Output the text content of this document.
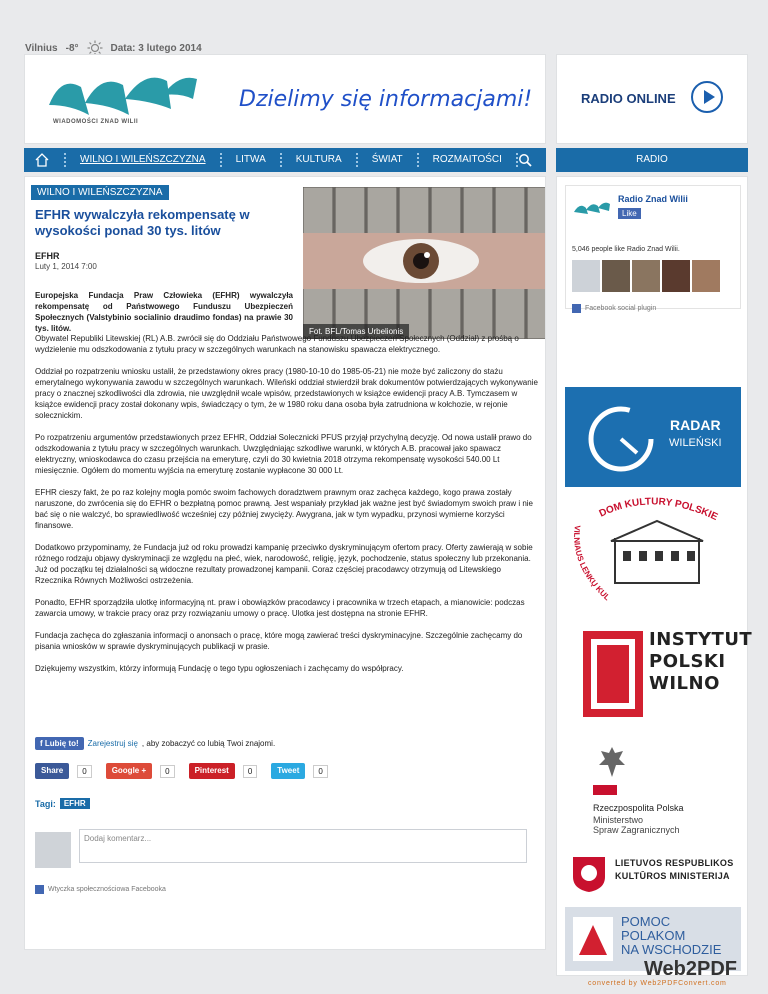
Vilnius -8°	Data: 3 lutego 2014
WIADOMOŚCI ZNAD WILII
Dzielimy się informacjami!	RADIO ONLINE
WILNO I WILEŃSZCZYZNA	LITWA	KULTURA	ŚWIAT	ROZMAITOŚCI	RADIO
WILNO I WILEŃSZCZYZNA
EFHR wywalczyła rekompensatę w wysokości ponad 30 tys. litów
EFHR
Luty 1, 2014 7:00
Europejska Fundacja Praw Człowieka (EFHR) wywalczyła rekompensatę od Państwowego Funduszu Ubezpieczeń Społecznych (Valstybinio socialinio draudimo fondas) na prawie 30 tys. litów.	Fot. BFL/Tomas Urbelionis

Obywatel Republiki Litewskiej (RL) A.B. zwrócił się do Oddziału Państwowego Funduszu Ubezpieczeń Społecznych (Oddział) z prośbą o wydzielenie mu odszkodowania z tytułu pracy w szczególnych warunkach na stanowisku spawacza elektrycznego.

Oddział po rozpatrzeniu wniosku ustalił, że przedstawiony okres pracy (1980-10-10 do 1985-05-21) nie może być zaliczony do stażu emerytalnego wykonywania zawodu w szczególnych warunkach. Wileński oddział stwierdził brak dokumentów potwierdzających wykonywanie pracy o znacznej szkodliwości dla zdrowia, nie uwzględnił wcale wpisów, przedstawionych w książce ewidencji pracy A.B. Tymczasem w książce ewidencji pracy został dokonany wpis, świadczący o tym, że w 1980 roku dana osoba była zatrudniona w kołchozie, w rejonie solecznickim.

Po rozpatrzeniu argumentów przedstawionych przez EFHR, Oddział Solecznicki PFUS przyjął przychylną decyzję. Od nowa ustalił prawo do odszkodowania z tytułu pracy w szczególnych warunkach. Uwzględniając szkodliwe warunki, w których A.B. pracował jako spawacz elektryczny, wnioskodawca do czasu przejścia na emeryturę, czyli do 30 kwietnia 2018 otrzyma rekompensatę wysokości 540.00 Lt miesięcznie. Ogółem do momentu wyjścia na emeryturę zostanie wypłacone 30 000 Lt.

EFHR cieszy fakt, że po raz kolejny mogła pomóc swoim fachowych doradztwem prawnym oraz zachęca każdego, kogo prawa zostały naruszone, do zwrócenia się do EFHR o bezpłatną pomoc prawną. Jest wspaniały przykład jak ważne jest być świadomym swoich praw i nie bać się o nie walczyć, bo sprawiedliwość wcześniej czy później zwycięży. Awygrana, jak w tym wypadku, przynosi wymierne korzyści finansowe.

Dodatkowo przypominamy, że Fundacja już od roku prowadzi kampanię przeciwko dyskryminującym ofertom pracy. Oferty zawierają w sobie różnego rodzaju objawy dyskryminacji ze względu na płeć, wiek, narodowość, religię, język, pochodzenie, status społeczny lub przekonania. Już od początku tej działalności są widoczne rezultaty prowadzonej kampanii. Coraz częściej pracodawcy otrzymują od Litewskiego Rzecznika Równych Możliwości ostrzeżenia.

Ponadto, EFHR sporządziła ulotkę informacyjną nt. praw i obowiązków pracodawcy i pracownika w trzech etapach, a mianowicie: podczas zawarcia umowy, w trakcie pracy oraz przy rozwiązaniu umowy o pracę. Ulotka jest dostępna na stronie EFHR.

Fundacja zachęca do zgłaszania informacji o anonsach o pracę, które mogą zawierać treści dyskryminacyjne. Szczególnie zachęcamy do pisania wniosków w sprawie dyskryminujących publikacji w prasie.

Dziękujemy wszystkim, którzy informują Fundację o tego typu ogłoszeniach i zachęcamy do współpracy.

f Lubię to!	Zarejestruj się , aby zobaczyć co lubią Twoi znajomi.
Share	0	Google +	0	Pinterest	0	Tweet	0
Tagi:	EFHR
Dodaj komentarz...
Wtyczka społecznościowa Facebooka
Radio Znad Wilii
Like
5,046 people like Radio Znad Wilii.
Facebook social plugin
RADAR
WILEŃSKI
DOM KULTURY POLSKIE
VILNIAUS LENKŲ KUL
INSTYTUT
POLSKI
WILNO
Rzeczpospolita Polska
Ministerstwo
Spraw Zagranicznych
LIETUVOS RESPUBLIKOS
KULTŪROS MINISTERIJA
POMOC
POLAKOM
NA WSCHODZIE
Web2PDF
converted by Web2PDFConvert.com
